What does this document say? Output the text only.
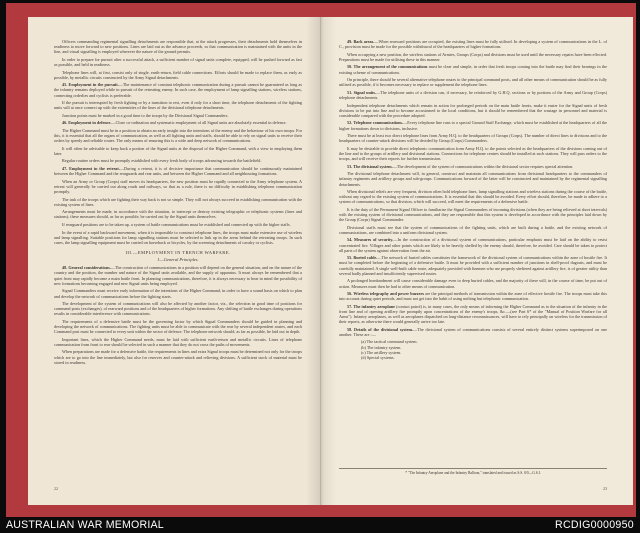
Officers commanding regimental signalling detachments are responsible that, at the attack progresses, their detachments hold themselves in readiness to move forward to new positions. Lines are laid out as the advance proceeds, so that communication is maintained with the units in the line, and visual signalling is employed wherever the nature of the ground permits.

In order to prepare for pursuit after a successful attack, a sufficient number of signal units complete, equipped, will be pushed forward as fast as possible, and held in readiness.

Telephone lines will, at first, consist only of single, earth-return, field cable connections. Efforts should be made to replace them, as early as possible, by metallic circuits constructed by the Army Signal detachments.

45. Employment in the pursuit.—The maintenance of constant telephonic communication during a pursuit cannot be guaranteed as long as the infantry remains deployed while in pursuit of the retreating enemy. In such case, the employment of lamp signalling stations, wireless stations, connecting orderlies and cyclists is preferable.

If the pursuit is interrupted by fresh fighting or by a transition to rest, even if only for a short time, the telephone detachments of the fighting units will at once connect up with the extremities of the lines of the divisional telephone detachments.

Junction points must be marked in a good time to the troops by the Divisional Signal Commanders.

46. Employment in defence.—Close co-ordination and systematic employment of all Signal units are absolutely essential in defence.

The Higher Command must be in a position to obtain an early insight into the intentions of the enemy and the behaviour of his own troops. For this, it is essential that all the organs of communication, as well as all fighting units and staffs, should be able to rely on signal units to receive their orders by speedy and reliable routes. The only means of ensuring this is a wide and deep network of communications.

It will often be advisable to keep back a portion of the Signal units at the disposal of the Higher Command, with a view to employing them later.

Regular routine orders must be promptly established with every fresh body of troops advancing towards the battlefield.

47. Employment in the retreat.—During a retreat, it is of decisive importance that communication should be continuously maintained between the Higher Command and the rearguards and rear units, and between the Higher Command and all neighbouring formations.

When an Army or Group (Corps) staff moves its headquarters, the new position must be rapidly connected to the Army telephone system. A retreat will generally be carried out along roads and railways, so that as a rule, there is no difficulty in establishing telephone communication promptly.

The task of the troops which are fighting their way back is not so simple. They will not always succeed in establishing communication with the existing system of lines.

Arrangements must be made, in accordance with the situation, to intercept or destroy existing telegraphic or telephonic systems (lines and stations); these measures should, as far as possible, be carried out by the Signal units themselves.

If rearguard positions are to be taken up, a system of battle communications must be established and connected up with the higher staffs.

In the event of a rapid backward movement, when it is impossible to construct telephone lines, the troops must make extensive use of wireless and lamp signalling. Suitable positions for lamp signalling stations must be selected to link up in the areas behind the retreating troops. In such cases, the lamp signalling equipment must be carried on horseback or bicycles, by the screening detachments of cavalry or cyclists.

III.—EMPLOYMENT IN TRENCH WARFARE.
I.—General Principles.

48. General considerations.—The construction of communications in a position will depend on the general situation, and on the nature of the country and the position, the number and nature of the Signal units available, and the supply of apparatus. It must always be remembered that a quiet front may rapidly become a main battle front. In planning communications, therefore, it is always necessary to bear in mind the possibility of new formations becoming engaged and new Signal units being employed.

Signal Commanders must receive early information of the intentions of the Higher Command, in order to have a sound basis on which to plan and develop the network of communications before the fighting starts.

The development of the system of communications will also be affected by another factor, viz., the selection in good time of positions for command posts (exchanges), of rearward positions and of the headquarters of higher formations. Any shifting of battle exchanges during operations results in considerable interference with communications.

The requirements of a defensive battle must be the governing factor by which Signal Commanders should be guided in planning and developing the network of communications. The fighting units must be able to communicate with the rear by several independent routes, and each Command post must be connected to every unit within the sector of defence. The telephone network should, as far as possible, be laid out in depth.

Important lines, which the Higher Command needs, must be laid with sufficient earth-return and metallic circuits. Lines of telephone communication from front to rear should be selected in such a manner that they do not cross the paths of movements.

When preparations are made for a defensive battle, the requirements in lines and extra Signal troops must be determined not only for the troops which are to go into the line immediately, but also for reserves and counter-attack and relieving divisions. A sufficient stock of material must be stored in readiness.

22

49. Back areas.—When rearward positions are occupied, the existing lines must be fully utilised. In developing a system of communications in the L. of C., provision must be made for the possible withdrawal of the headquarters of higher formations.

When occupying a new position, the wireless stations of Armies, Groups (Corps) and divisions must be used until the necessary repairs have been effected. Preparations must be made for utilising these in this manner.

50. The arrangement of the communications must be clear and simple, in order that fresh troops coming into the battle may find their bearings in the existing scheme of communications.

On principle, there should be several alternative telephone routes to the principal command posts, and all other means of communication should be as fully utilised as possible, if it becomes necessary to replace or supplement the telephone lines.

51. Signal units.—The telephone units of a division can, if necessary, be reinforced by G.H.Q. sections or by portions of the Army and Group (Corps) telephone detachments.

Independent telephone detachments which remain in action for prolonged periods on the main battle fronts, make it easier for the Signal units of fresh divisions to be put into line and to become accustomed to the local conditions, but it should be remembered that the wastage in personnel and material is considerable compared with the procedure adopted.

52. Telephone communications.—Every telephone line runs to a special Ground Staff Exchange, which must be established at the headquarters of all the higher formations down to divisions, inclusive.

There must be at least two direct telephone lines from Army H.Q. to the headquarters of Groups (Corps). The number of direct lines to divisions and to the headquarters of counter-attack divisions will be decided by Group (Corps) Commanders.

It may be desirable to provide direct telephonic communication from Army H.Q. to the points selected as the headquarters of the divisions coming out of the line and to the groups of artillery and divisional stations. Connections for telephone centres should be installed at such stations. They will pass orders to the troops, and will receive their reports for further transmission.

53. The divisional system.—The development of the system of communications within the divisional sector requires special attention.

The divisional telephone detachment will, in general, construct and maintain all communications from divisional headquarters to the commanders of infantry regiments and artillery groups and sub-groups. Communications forward of the latter will be constructed and maintained by the regimental signalling detachments.

When divisional reliefs are very frequent, division often hold telephone lines, lamp signalling stations and wireless stations during the course of the battle, without any regard to the existing system of communications. It is essential that this should be avoided. Every effort should, therefore, be made to adhere to a system of communications, so that division, which will succeed, will meet the requirements of a defensive battle.

It is the duty of the Permanent Signal Officer to familiarise the Signal Commanders of incoming divisions (when they are being relieved at short intervals) with the existing system of divisional communications, and they are responsible that this system is developed in accordance with the principles laid down by the Group (Corps) Signal Commander.

Divisional staffs must see that the system of communications of the fighting units, which are built during a battle, and the existing network of communications, are combined into a uniform divisional system.

54. Measures of security.—In the construction of a divisional system of communications, particular emphasis must be laid on the ability to resist concentrated fire. Villages and other points which are likely to be heavily shelled by the enemy should, therefore, be avoided. Care should be taken to protect all parts of the system against observation from the air.

55. Buried cable.—The network of buried cables constitutes the framework of the divisional system of communications within the zone of hostile fire. It must be completed before the beginning of a defensive battle. It must be provided with a sufficient number of junctions in shell-proof dugouts, and must be carefully maintained. A single well-built cable route, adequately provided with linemen who are properly sheltered against artillery fire, is of greater utility than several badly planned and insufficiently supervised routes.

A prolonged bombardment will cause considerable damage even to deep buried cables, and the majority of these will, in the course of time, be put out of action. Measures must then be had to other means of communication.

56. Wireless telegraphy and power buzzers are the principal methods of transmission within the zone of effective hostile fire. The troops must take this into account during quiet periods, and must not get into the habit of using nothing but telephonic communication.

57. The infantry aeroplane (contact patrol) is, in many cases, the only means of informing the Higher Command as to the situation of the infantry in the front line and of opening artillery fire promptly upon concentrations of the enemy's troops, &c.—(see Part 6* of the "Manual of Position Warfare for all Arms"). Infantry aeroplanes, as well as aeroplanes dispatched on long-distance reconnaissances, will have to rely principally on wireless for the transmission of their reports, as otherwise there would generally arrive too late.

58. Details of the divisional system.—The divisional system of communications consists of several entirely distinct systems superimposed on one another. These are :—

(a) The tactical command system.
(b) The infantry system.
(c) The artillery system.
(d) Special systems.
* "The Infantry Aeroplane and the Infantry Balloon," translated and issued as S.S. 0/0—G.S.I.
23
AUSTRALIAN WAR MEMORIAL	RCDIG0000950
